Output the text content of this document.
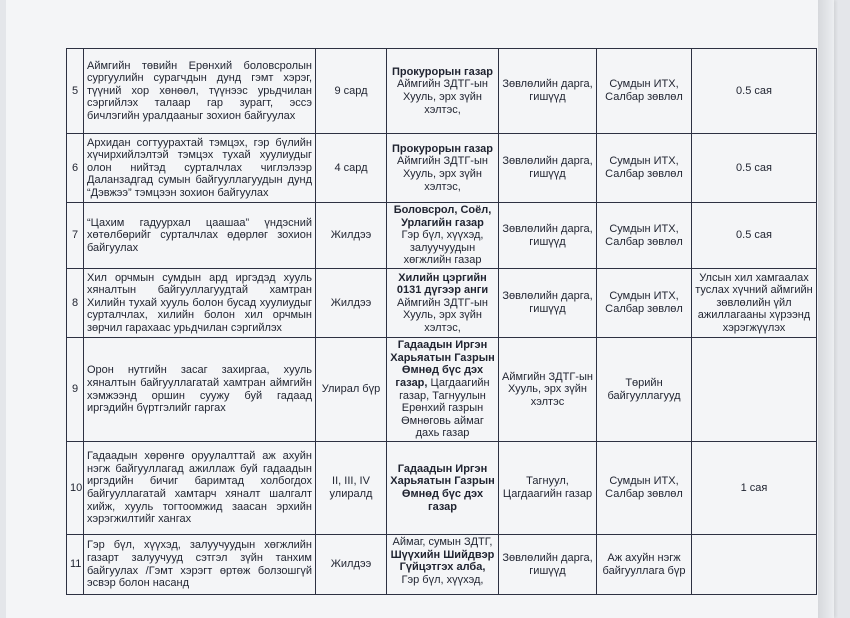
5	Аймгийн төвийн Ерөнхий боловсролын сургуулийн сурагчдын дунд гэмт хэрэг, түүний хор хөнөөл, түүнээс урьдчилан сэргийлэх талаар гар зурагт, эссэ бичлэгийн уралдааныг зохион байгуулах	9 сард	Прокурорын газар
Аймгийн ЗДТГ-ын Хууль, эрх зүйн хэлтэс,	Зөвлөлийн дарга, гишүүд	Сумдын ИТХ, Салбар зөвлөл	0.5 сая
6	Архидан согтуурахтай тэмцэх, гэр бүлийн хүчирхийлэлтэй тэмцэх тухай хуулиудыг олон нийтэд сурталчлах чиглэлээр Даланзадгад сумын байгууллагуудын дунд “Дэвжээ” тэмцээн зохион байгуулах	4 сард	Прокурорын газар
Аймгийн ЗДТГ-ын Хууль, эрх зүйн хэлтэс,	Зөвлөлийн дарга, гишүүд	Сумдын ИТХ, Салбар зөвлөл	0.5 сая
7	“Цахим гадуурхал цаашаа” үндэсний хөтөлбөрийг сурталчлах өдөрлөг зохион байгуулах	Жилдээ	Боловсрол, Соёл, Урлагийн газар
Гэр бүл, хүүхэд, залуучуудын хөгжлийн газар	Зөвлөлийн дарга, гишүүд	Сумдын ИТХ, Салбар зөвлөл	0.5 сая
8	Хил орчмын сумдын ард иргэдэд хууль хяналтын байгууллагуудтай хамтран Хилийн тухай хууль болон бусад хуулиудыг сурталчлах, хилийн болон хил орчмын зөрчил гарахаас урьдчилан сэргийлэх	Жилдээ	Хилийн цэргийн 0131 дүгээр анги
Аймгийн ЗДТГ-ын Хууль, эрх зүйн хэлтэс,	Зөвлөлийн дарга, гишүүд	Сумдын ИТХ, Салбар зөвлөл	Улсын хил хамгаалах туслах хүчний аймгийн зөвлөлийн үйл ажиллагааны хүрээнд хэрэгжүүлэх
9	Орон нутгийн засаг захиргаа, хууль хяналтын байгууллагатай хамтран аймгийн хэмжээнд оршин суужу буй гадаад иргэдийн бүртгэлийг гаргах	Улирал бүр	Гадаадын Иргэн Харьяатын Газрын Өмнөд бүс дэх газар, Цагдаагийн газар, Тагнуулын Ерөнхий газрын Өмнөговь аймаг дахь газар	Аймгийн ЗДТГ-ын Хууль, эрх зүйн хэлтэс	Төрийн байгууллагууд	
10	Гадаадын хөрөнгө оруулалттай аж ахуйн нэгж байгууллагад ажиллаж буй гадаадын иргэдийн бичиг баримтад холбогдох байгууллагатай хамтарч хяналт шалгалт хийж, хууль тогтоомжид заасан эрхийн хэрэгжилтийг хангах	II, III, IV улиралд	Гадаадын Иргэн Харьяатын Газрын Өмнөд бүс дэх газар	Тагнуул, Цагдаагийн газар	Сумдын ИТХ, Салбар зөвлөл	1 сая
11	Гэр бүл, хүүхэд, залуучуудын хөгжлийн газарт залуучууд сэтгэл зүйн танхим байгуулах /Гэмт хэрэгт өртөж болзошгүй эсвэр болон насанд	Жилдээ	Аймаг, сумын ЗДТГ,
Шүүхийн Шийдвэр Гүйцэтгэх алба,
Гэр бүл, хүүхэд,	Зөвлөлийн дарга, гишүүд	Аж ахуйн нэгж байгууллага бүр	
